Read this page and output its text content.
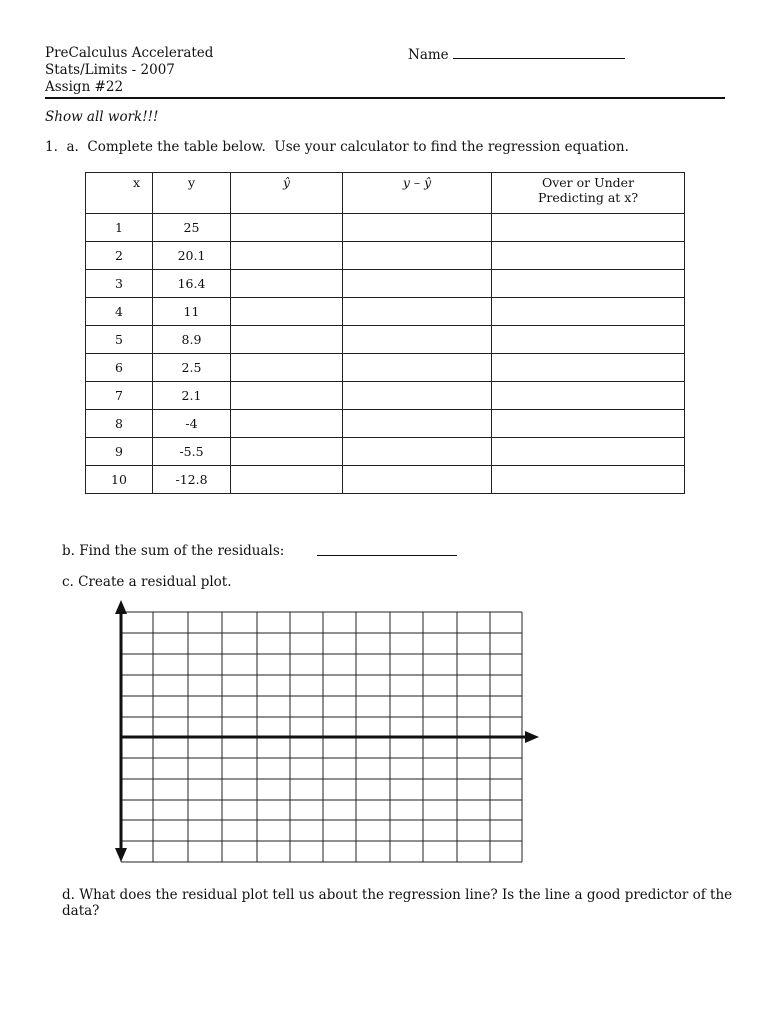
PreCalculus Accelerated
Stats/Limits - 2007
Assign #22
Name
Show all work!!!
1.  a.  Complete the table below.  Use your calculator to find the regression equation.
x	y	ŷ	y – ŷ	Over or Under
Predicting at x?

1	25			
2	20.1			
3	16.4			
4	11			
5	8.9			
6	2.5			
7	2.1			
8	-4			
9	-5.5			
10	-12.8			
b. Find the sum of the residuals:
c. Create a residual plot.
d. What does the residual plot tell us about the regression line? Is the line a good predictor of the data?
